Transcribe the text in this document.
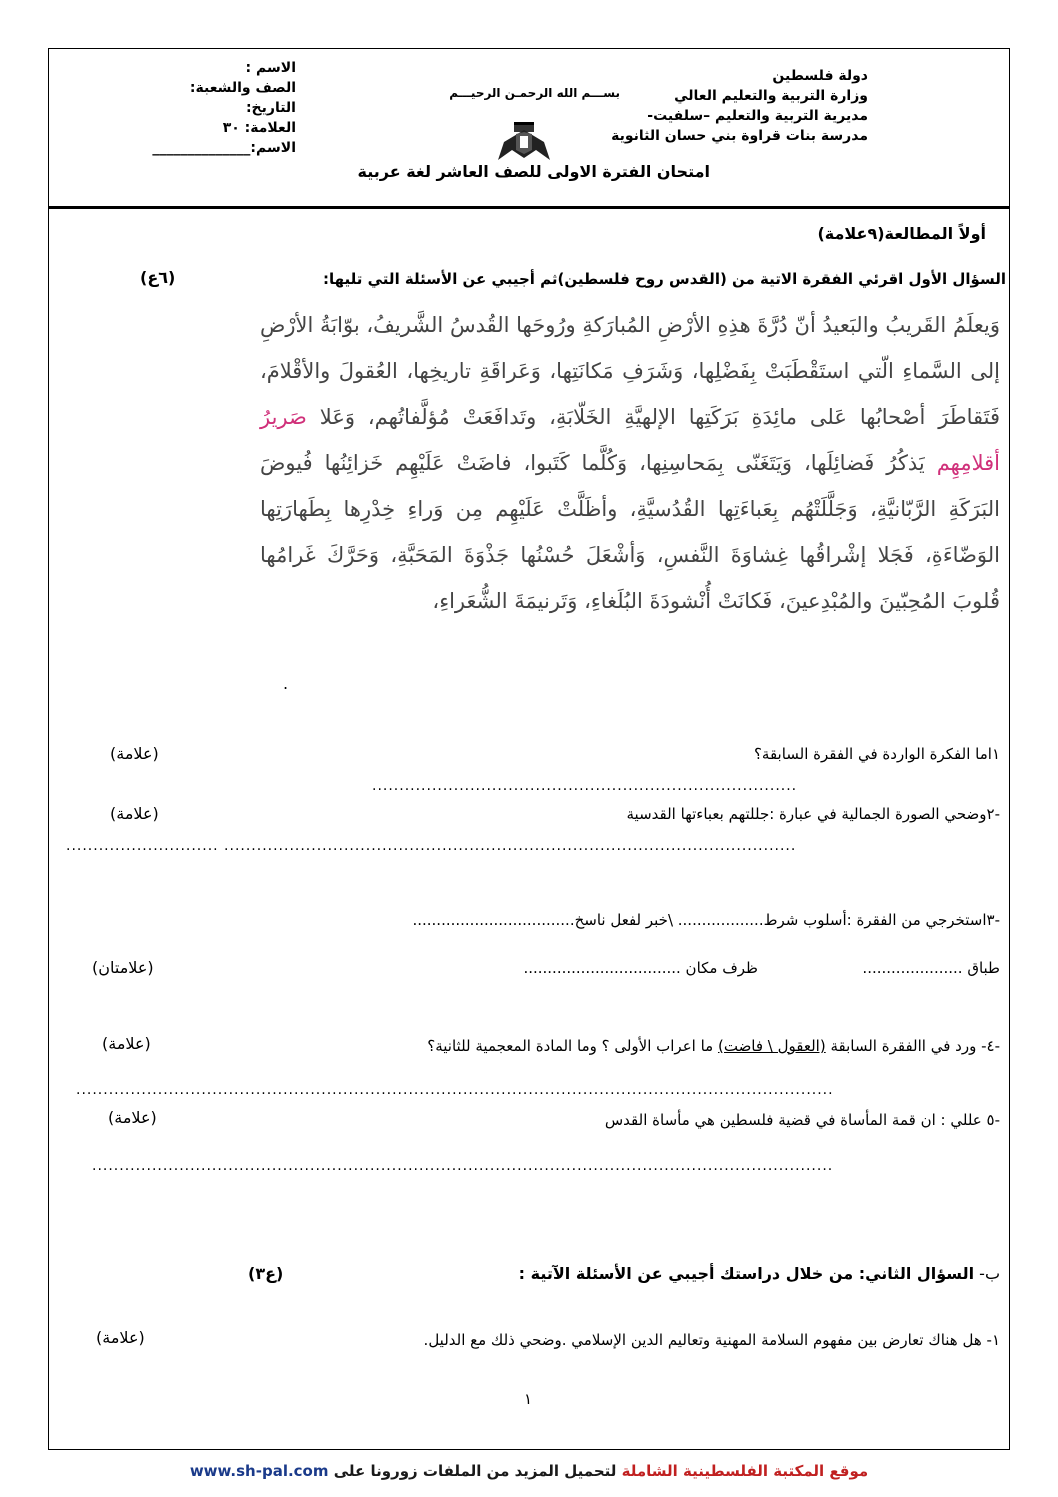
دولة فلسطين
وزارة التربية والتعليم العالي
مديرية التربية والتعليم –سلفيت-
مدرسة بنات قراوة بني حسان الثانوية
بســـم الله الرحمـن الرحيـــم
امتحان الفترة الاولى للصف العاشر لغة عربية
الاسم :
الصف والشعبة:
التاريخ:
العلامة: ٣٠
الاسم:______________
أولاً المطالعة(٩علامة)
السؤال الأول اقرئي الفقرة الاتية من (القدس روح فلسطين)ثم أجيبي عن الأسئلة التي تليها:
(٦ع)
وَيعلَمُ القَريبُ والبَعيدُ أنّ دُرَّةَ هذِهِ الأرْضِ المُبارَكةِ ورُوحَها القُدسُ الشَّريفُ، بوّابَةُ الأرْضِ إلى السَّماءِ الّتي استَقْطَبَتْ بِفَضْلِها، وَشَرَفِ مَكانَتِها، وَعَراقَةِ تاريخِها، العُقولَ والأقْلامَ، فَتَقاطَرَ أصْحابُها عَلى مائِدَةِ بَرَكَتِها الإلهيَّةِ الخَلّابَةِ، وتَدافَعَتْ مُؤلَّفاتُهم، وَعَلا صَريرُ أقلامِهِم يَذكُرُ فَضائِلَها، وَيَتَغَنّى بِمَحاسِنِها، وَكُلَّما كَتَبوا، فاضَتْ عَلَيْهِم خَزائِنُها فُيوضَ البَرَكَةِ الرَّبّانيَّةِ، وَجَلَّلَتْهُم بِعَباءَتِها القُدُسيَّةِ، وأظَلَّتْ عَلَيْهِم مِن وَراءِ خِدْرِها بِطَهارَتِها الوَضّاءَةِ، فَجَلا إشْراقُها غِشاوَةَ النَّفسِ، وَأشْعَلَ حُسْنُها جَذْوَةَ المَحَبَّةِ، وَحَرَّكَ غَرامُها قُلوبَ المُحِبّينَ والمُبْدِعينَ، فَكانَتْ أُنْشودَةَ البُلَغاءِ، وَتَرنيمَةَ الشُّعَراءِ،
.
١اما الفكرة الواردة في الفقرة السابقة؟
(علامة)
..............................................................................
-٢وضحي الصورة الجمالية في عبارة :جللتهم بعباءتها القدسية
(علامة)
............................ .........................................................................................................
-٣استخرجي من الفقرة :أسلوب شرط.................. \خبر لفعل ناسخ..................................
طباق .....................
ظرف مكان .................................
(علامتان)
-٤- ورد في االفقرة السابقة (العقول \ فاضت) ما اعراب الأولى ؟ وما المادة المعجمية للثانية؟
(علامة)
...........................................................................................................................................
-٥ عللي : ان قمة المأساة في قضية فلسطين هي مأساة القدس
(علامة)
........................................................................................................................................
ب- السؤال الثاني: من خلال دراستك أجيبي عن الأسئلة الآتية :
(ع٣)
١- هل هناك تعارض بين مفهوم السلامة المهنية وتعاليم الدين الإسلامي .وضحي ذلك مع الدليل.
(علامة)
١
www.sh-pal.com	موقع المكتبة الفلسطينية الشاملة لتحميل المزيد من الملفات زورونا على
